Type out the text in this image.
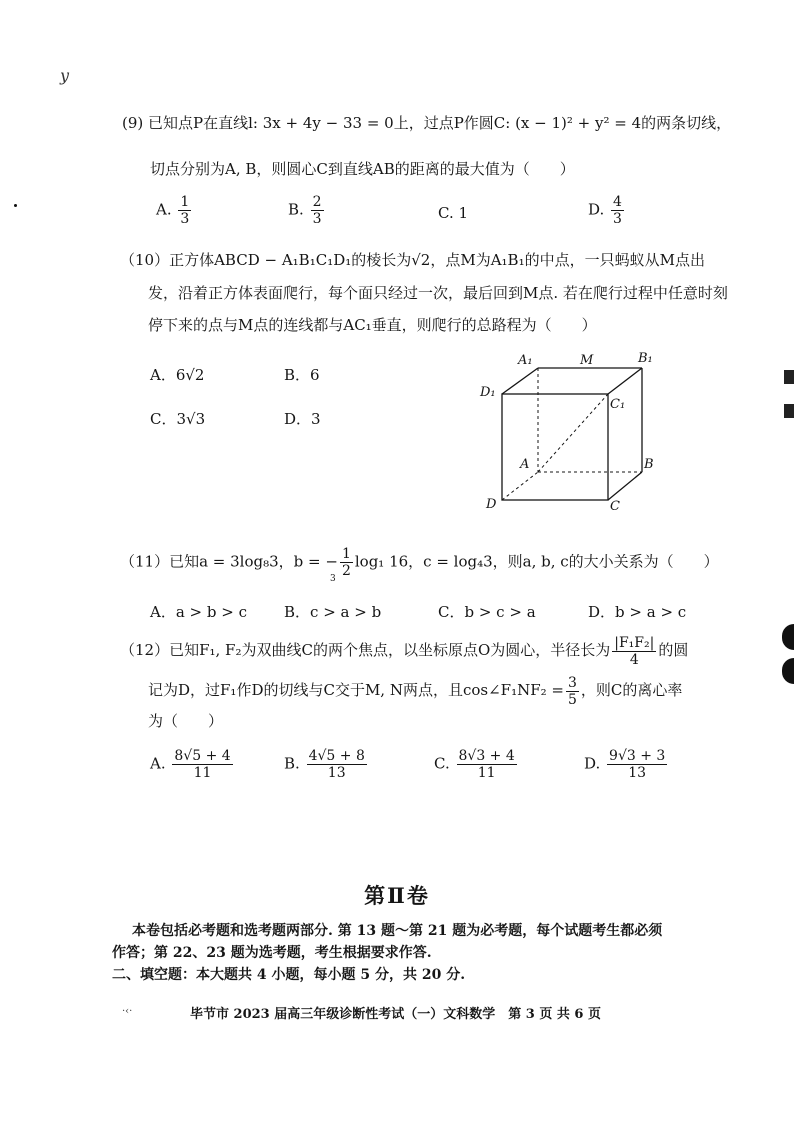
𝑦
(9) 已知点P在直线l: 3x + 4y − 33 = 0上，过点P作圆C: (x − 1)² + y² = 4的两条切线，
切点分别为A, B，则圆心C到直线AB的距离的最大值为（　　）
A. $\frac{1}{3}$	B. $\frac{2}{3}$	C. 1	D. $\frac{4}{3}$
（10）正方体ABCD − A₁B₁C₁D₁的棱长为√2，点M为A₁B₁的中点，一只蚂蚁从M点出
发，沿着正方体表面爬行，每个面只经过一次，最后回到M点. 若在爬行过程中任意时刻
停下来的点与M点的连线都与AC₁垂直，则爬行的总路程为（　　）
A．6√2	B．6
C．3√3	D．3
A₁	M	B₁
D₁
C₁
A	B
D	C
（11）已知a = 3log₈3，b = − $\frac{1}{2} \log_1$ 16，c = log₄3，则a, b, c的大小关系为（　　）
3
A．a > b > c B．c > a > b	C．b > c > a	D．b > a > c
（12）已知F₁, F₂为双曲线C的两个焦点，以坐标原点O为圆心，半径长为 $\frac{\text{|F₁F₂|}}{4}$ 的圆
记为D，过F₁作D的切线与C交于M, N两点，且cos∠F₁NF₂ = $\frac{3}{5}$ ，则C的离心率
为（　　）
A. $\frac{8√5 + 4}{11}$	B. $\frac{4√5 + 8}{13}$	C. $\frac{8√3 + 4}{11}$	D. $\frac{9√3 + 3}{13}$
第Ⅱ卷
本卷包括必考题和选考题两部分. 第 13 题～第 21 题为必考题，每个试题考生都必须
作答；第 22、23 题为选考题，考生根据要求作答.
二、填空题：本大题共 4 小题，每小题 5 分，共 20 分.
·‹·	毕节市 2023 届高三年级诊断性考试（一）文科数学　第 3 页 共 6 页
